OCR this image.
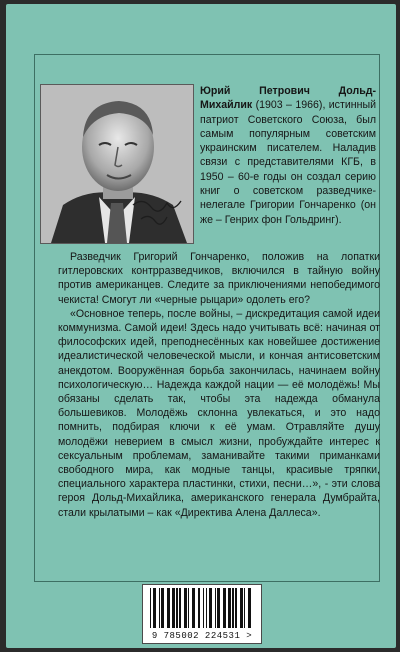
Юрий Петрович Дольд-Михайлик (1903 – 1966), истинный патриот Советского Союза, был самым популярным советским украинским писателем. Наладив связи с представителями КГБ, в 1950 – 60-е годы он создал серию книг о советском разведчике-нелегале Григории Гончаренко (он же – Генрих фон Гольдринг).

Разведчик Григорий Гончаренко, положив на лопатки гитлеровских контрразведчиков, включился в тайную войну против американцев. Следите за приключениями непобедимого чекиста! Смогут ли «черные рыцари» одолеть его?

«Основное теперь, после войны, – дискредитация самой идеи коммунизма. Самой идеи! Здесь надо учитывать всё: начиная от философских идей, преподнесённых как новейшее достижение идеалистической человеческой мысли, и кончая антисоветским анекдотом. Вооружённая борьба закончилась, начинаем войну психологическую… Надежда каждой нации — её молодёжь! Мы обязаны сделать так, чтобы эта надежда обманула большевиков. Молодёжь склонна увлекаться, и это надо помнить, подбирая ключи к её умам. Отравляйте душу молодёжи неверием в смысл жизни, пробуждайте интерес к сексуальным проблемам, заманивайте такими приманками свободного мира, как модные танцы, красивые тряпки, специального характера пластинки, стихи, песни…», - эти слова героя Дольд-Михайлика, американского генерала Думбрайта, стали крылатыми – как «Директива Алена Даллеса».

9 785002 224531 >
